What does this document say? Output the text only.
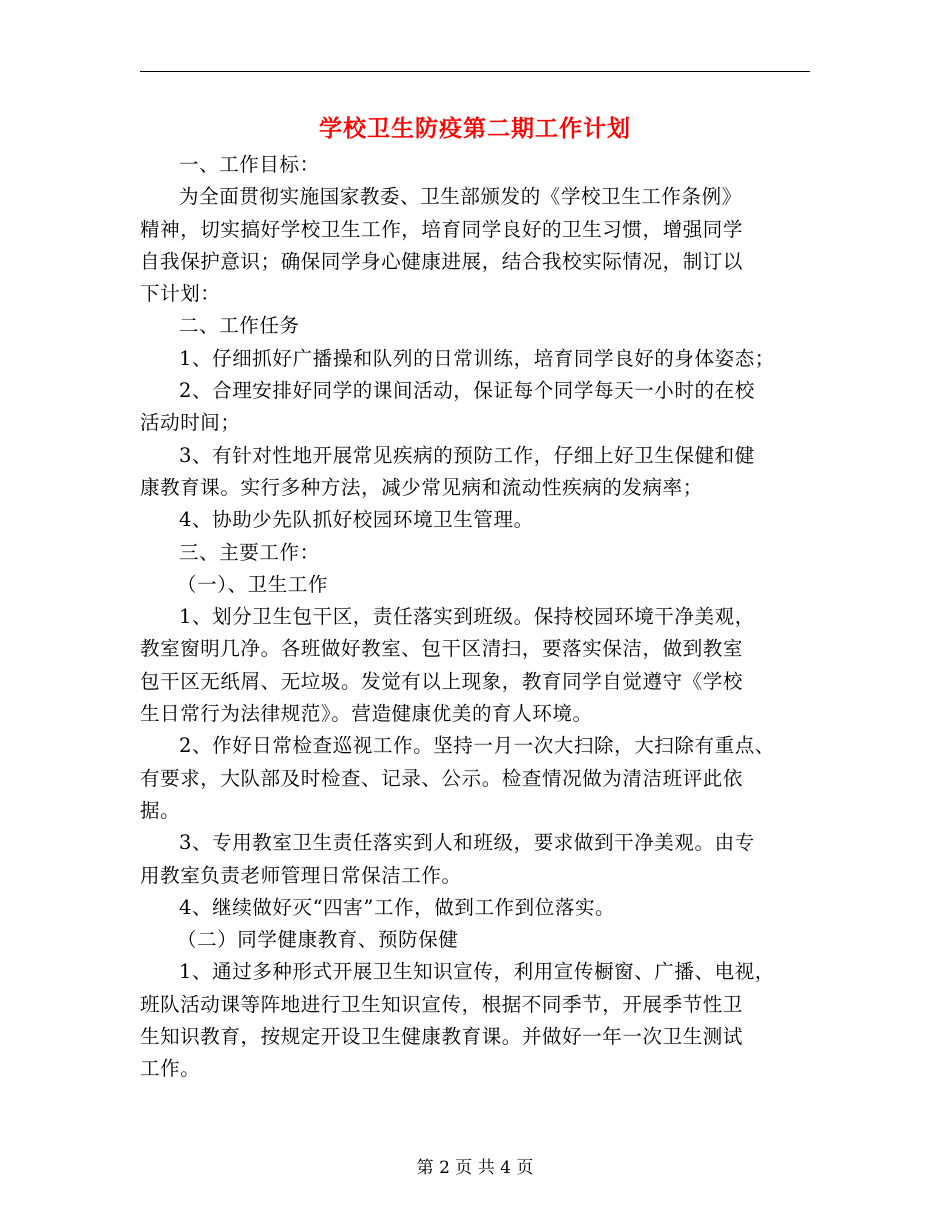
学校卫生防疫第二期工作计划
一、工作目标：
为全面贯彻实施国家教委、卫生部颁发的《学校卫生工作条例》
精神，切实搞好学校卫生工作，培育同学良好的卫生习惯，增强同学
自我保护意识；确保同学身心健康进展，结合我校实际情况，制订以
下计划：
二、工作任务
1、仔细抓好广播操和队列的日常训练，培育同学良好的身体姿态；
2、合理安排好同学的课间活动，保证每个同学每天一小时的在校
活动时间；
3、有针对性地开展常见疾病的预防工作，仔细上好卫生保健和健
康教育课。实行多种方法，减少常见病和流动性疾病的发病率；
4、协助少先队抓好校园环境卫生管理。
三、主要工作：
（一）、卫生工作
1、划分卫生包干区，责任落实到班级。保持校园环境干净美观，
教室窗明几净。各班做好教室、包干区清扫，要落实保洁，做到教室
包干区无纸屑、无垃圾。发觉有以上现象，教育同学自觉遵守《学校
生日常行为法律规范》。营造健康优美的育人环境。
2、作好日常检查巡视工作。坚持一月一次大扫除，大扫除有重点、
有要求，大队部及时检查、记录、公示。检查情况做为清洁班评此依
据。
3、专用教室卫生责任落实到人和班级，要求做到干净美观。由专
用教室负责老师管理日常保洁工作。
4、继续做好灭“四害”工作，做到工作到位落实。
（二）同学健康教育、预防保健
1、通过多种形式开展卫生知识宣传，利用宣传橱窗、广播、电视，
班队活动课等阵地进行卫生知识宣传，根据不同季节，开展季节性卫
生知识教育，按规定开设卫生健康教育课。并做好一年一次卫生测试
工作。
第 2 页 共 4 页
